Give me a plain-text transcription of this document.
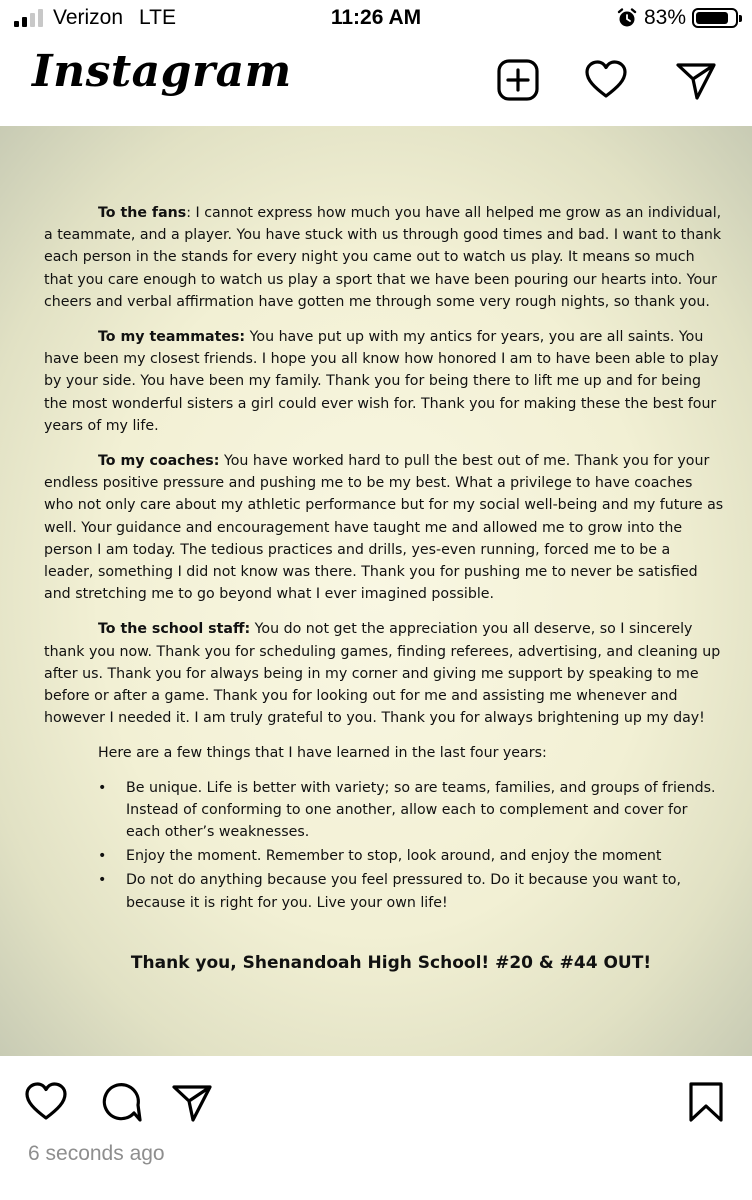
Verizon LTE	11:26 AM	83%
Instagram

To the fans: I cannot express how much you have all helped me grow as an individual, a teammate, and a player. You have stuck with us through good times and bad. I want to thank each person in the stands for every night you came out to watch us play. It means so much that you care enough to watch us play a sport that we have been pouring our hearts into. Your cheers and verbal affirmation have gotten me through some very rough nights, so thank you.

To my teammates: You have put up with my antics for years, you are all saints. You have been my closest friends. I hope you all know how honored I am to have been able to play by your side. You have been my family. Thank you for being there to lift me up and for being the most wonderful sisters a girl could ever wish for. Thank you for making these the best four years of my life.

To my coaches: You have worked hard to pull the best out of me. Thank you for your endless positive pressure and pushing me to be my best. What a privilege to have coaches who not only care about my athletic performance but for my social well-being and my future as well. Your guidance and encouragement have taught me and allowed me to grow into the person I am today. The tedious practices and drills, yes-even running, forced me to be a leader, something I did not know was there. Thank you for pushing me to never be satisfied and stretching me to go beyond what I ever imagined possible.

To the school staff: You do not get the appreciation you all deserve, so I sincerely thank you now. Thank you for scheduling games, finding referees, advertising, and cleaning up after us. Thank you for always being in my corner and giving me support by speaking to me before or after a game. Thank you for looking out for me and assisting me whenever and however I needed it. I am truly grateful to you. Thank you for always brightening up my day!

Here are a few things that I have learned in the last four years:

• Be unique. Life is better with variety; so are teams, families, and groups of friends. Instead of conforming to one another, allow each to complement and cover for each other’s weaknesses.
• Enjoy the moment. Remember to stop, look around, and enjoy the moment
• Do not do anything because you feel pressured to. Do it because you want to, because it is right for you. Live your own life!
Thank you, Shenandoah High School! #20 & #44 OUT!
6 seconds ago
